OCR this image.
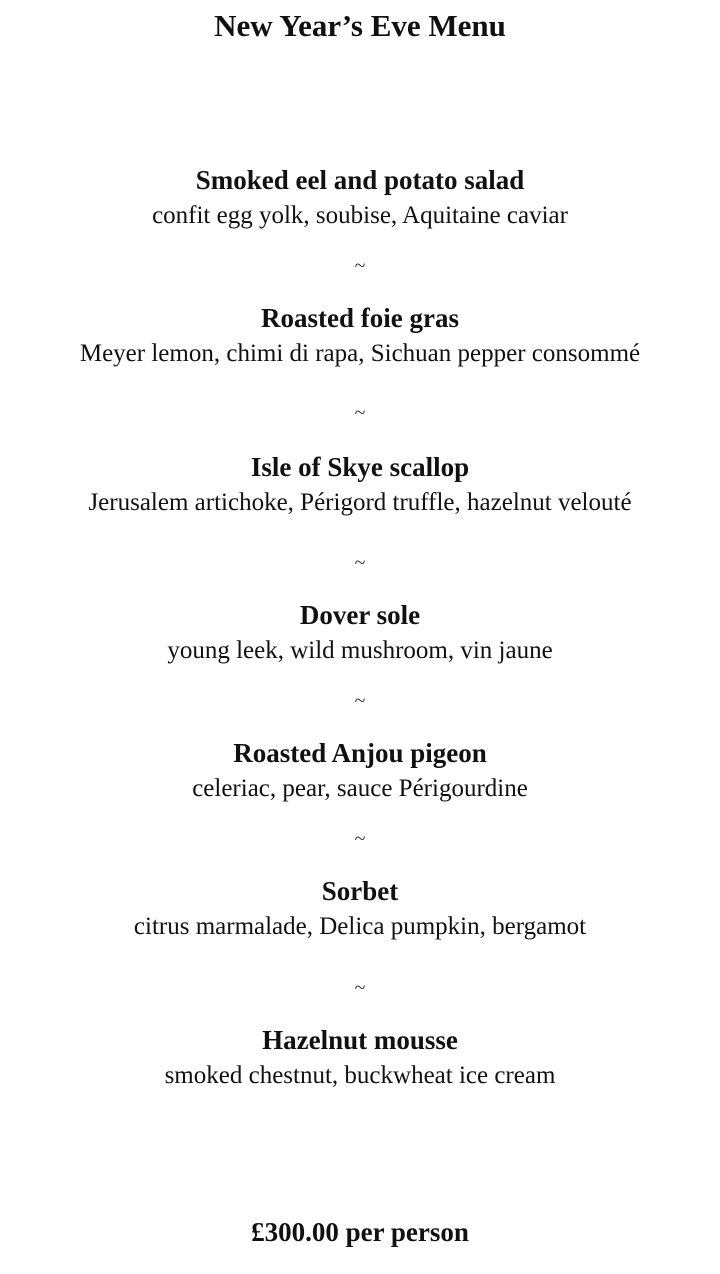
New Year’s Eve Menu

Smoked eel and potato salad

confit egg yolk, soubise, Aquitaine caviar

~

Roasted foie gras

Meyer lemon, chimi di rapa, Sichuan pepper consommé

~

Isle of Skye scallop

Jerusalem artichoke, Périgord truffle, hazelnut velouté

~

Dover sole

young leek, wild mushroom, vin jaune

~

Roasted Anjou pigeon

celeriac, pear, sauce Périgourdine

~

Sorbet

citrus marmalade, Delica pumpkin, bergamot

~

Hazelnut mousse

smoked chestnut, buckwheat ice cream

£300.00 per person
